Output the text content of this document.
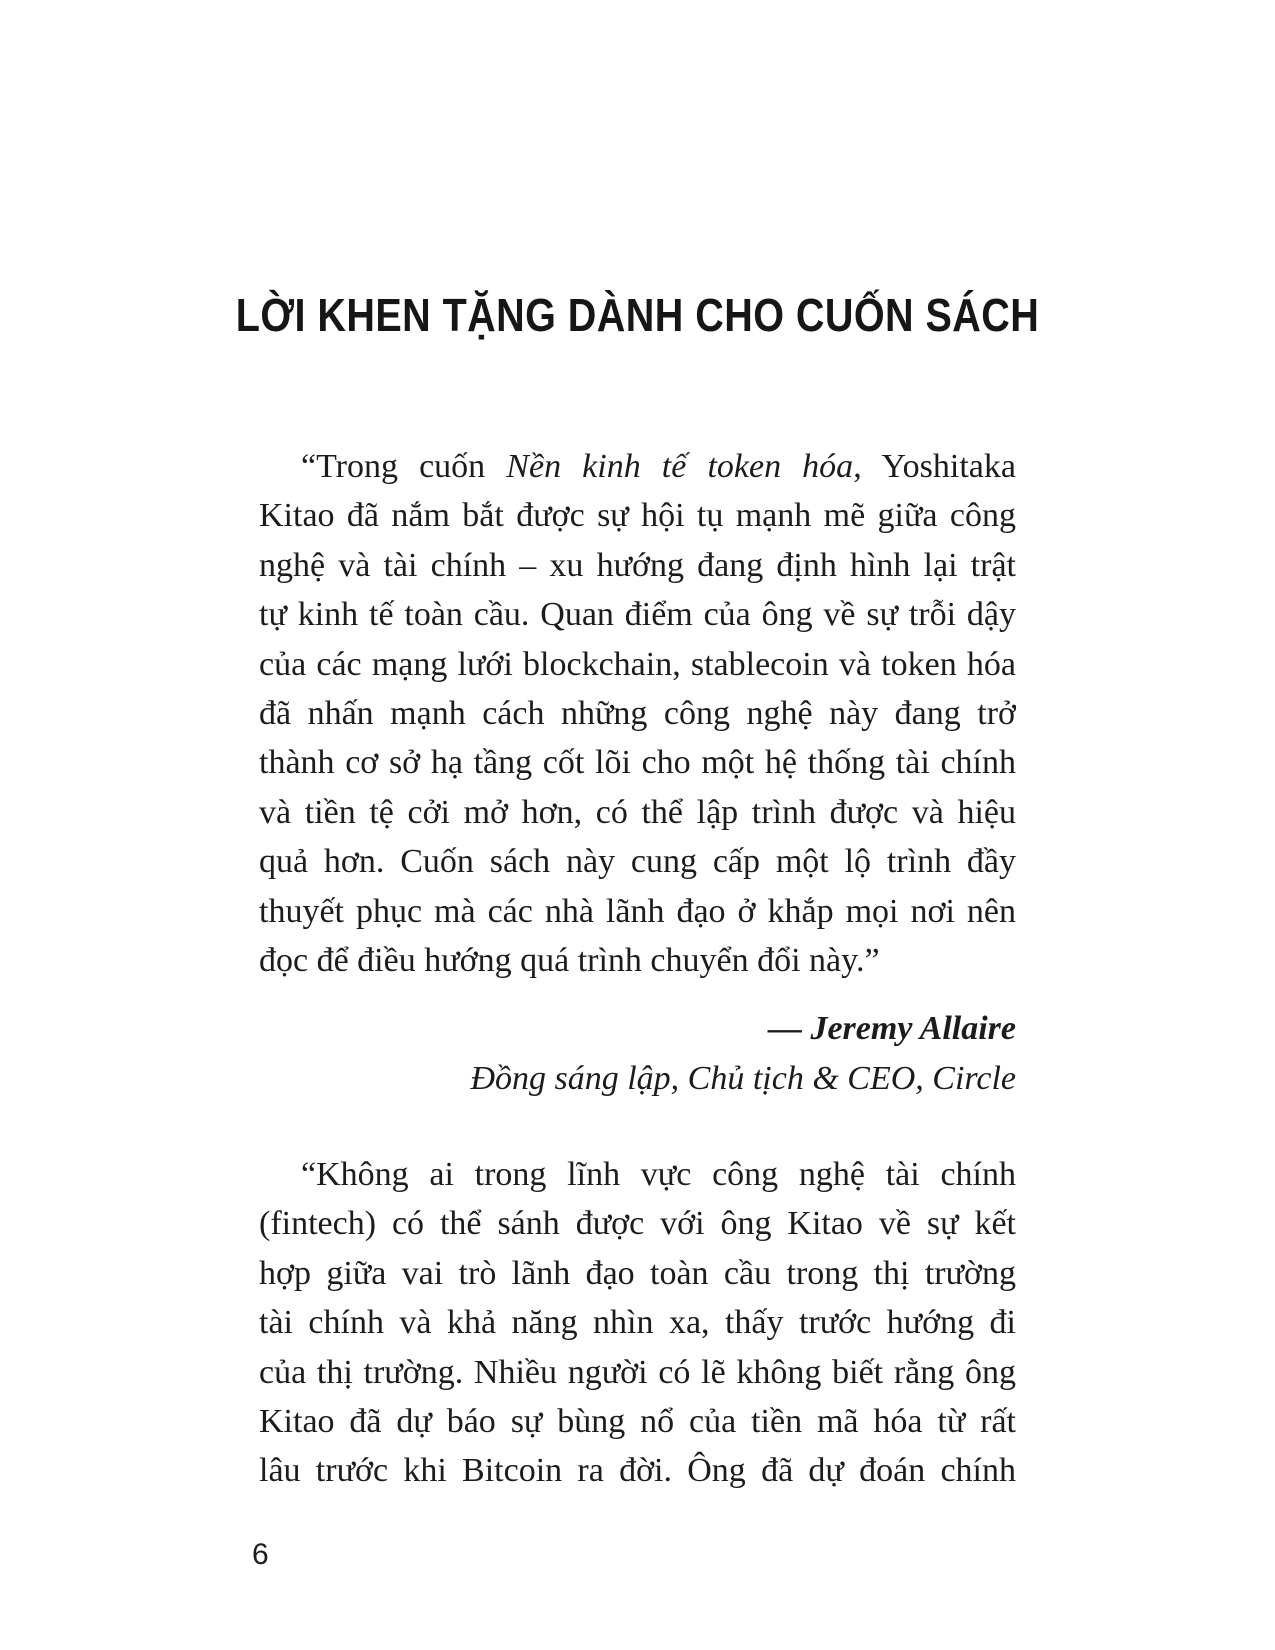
LỜI KHEN TẶNG DÀNH CHO CUỐN SÁCH
“Trong cuốn Nền kinh tế token hóa, Yoshitaka
Kitao đã nắm bắt được sự hội tụ mạnh mẽ giữa công
nghệ và tài chính – xu hướng đang định hình lại trật
tự kinh tế toàn cầu. Quan điểm của ông về sự trỗi dậy
của các mạng lưới blockchain, stablecoin và token hóa
đã nhấn mạnh cách những công nghệ này đang trở
thành cơ sở hạ tầng cốt lõi cho một hệ thống tài chính
và tiền tệ cởi mở hơn, có thể lập trình được và hiệu
quả hơn. Cuốn sách này cung cấp một lộ trình đầy
thuyết phục mà các nhà lãnh đạo ở khắp mọi nơi nên
đọc để điều hướng quá trình chuyển đổi này.”
— Jeremy Allaire
Đồng sáng lập, Chủ tịch & CEO, Circle
“Không ai trong lĩnh vực công nghệ tài chính
(fintech) có thể sánh được với ông Kitao về sự kết
hợp giữa vai trò lãnh đạo toàn cầu trong thị trường
tài chính và khả năng nhìn xa, thấy trước hướng đi
của thị trường. Nhiều người có lẽ không biết rằng ông
Kitao đã dự báo sự bùng nổ của tiền mã hóa từ rất
lâu trước khi Bitcoin ra đời. Ông đã dự đoán chính
6
